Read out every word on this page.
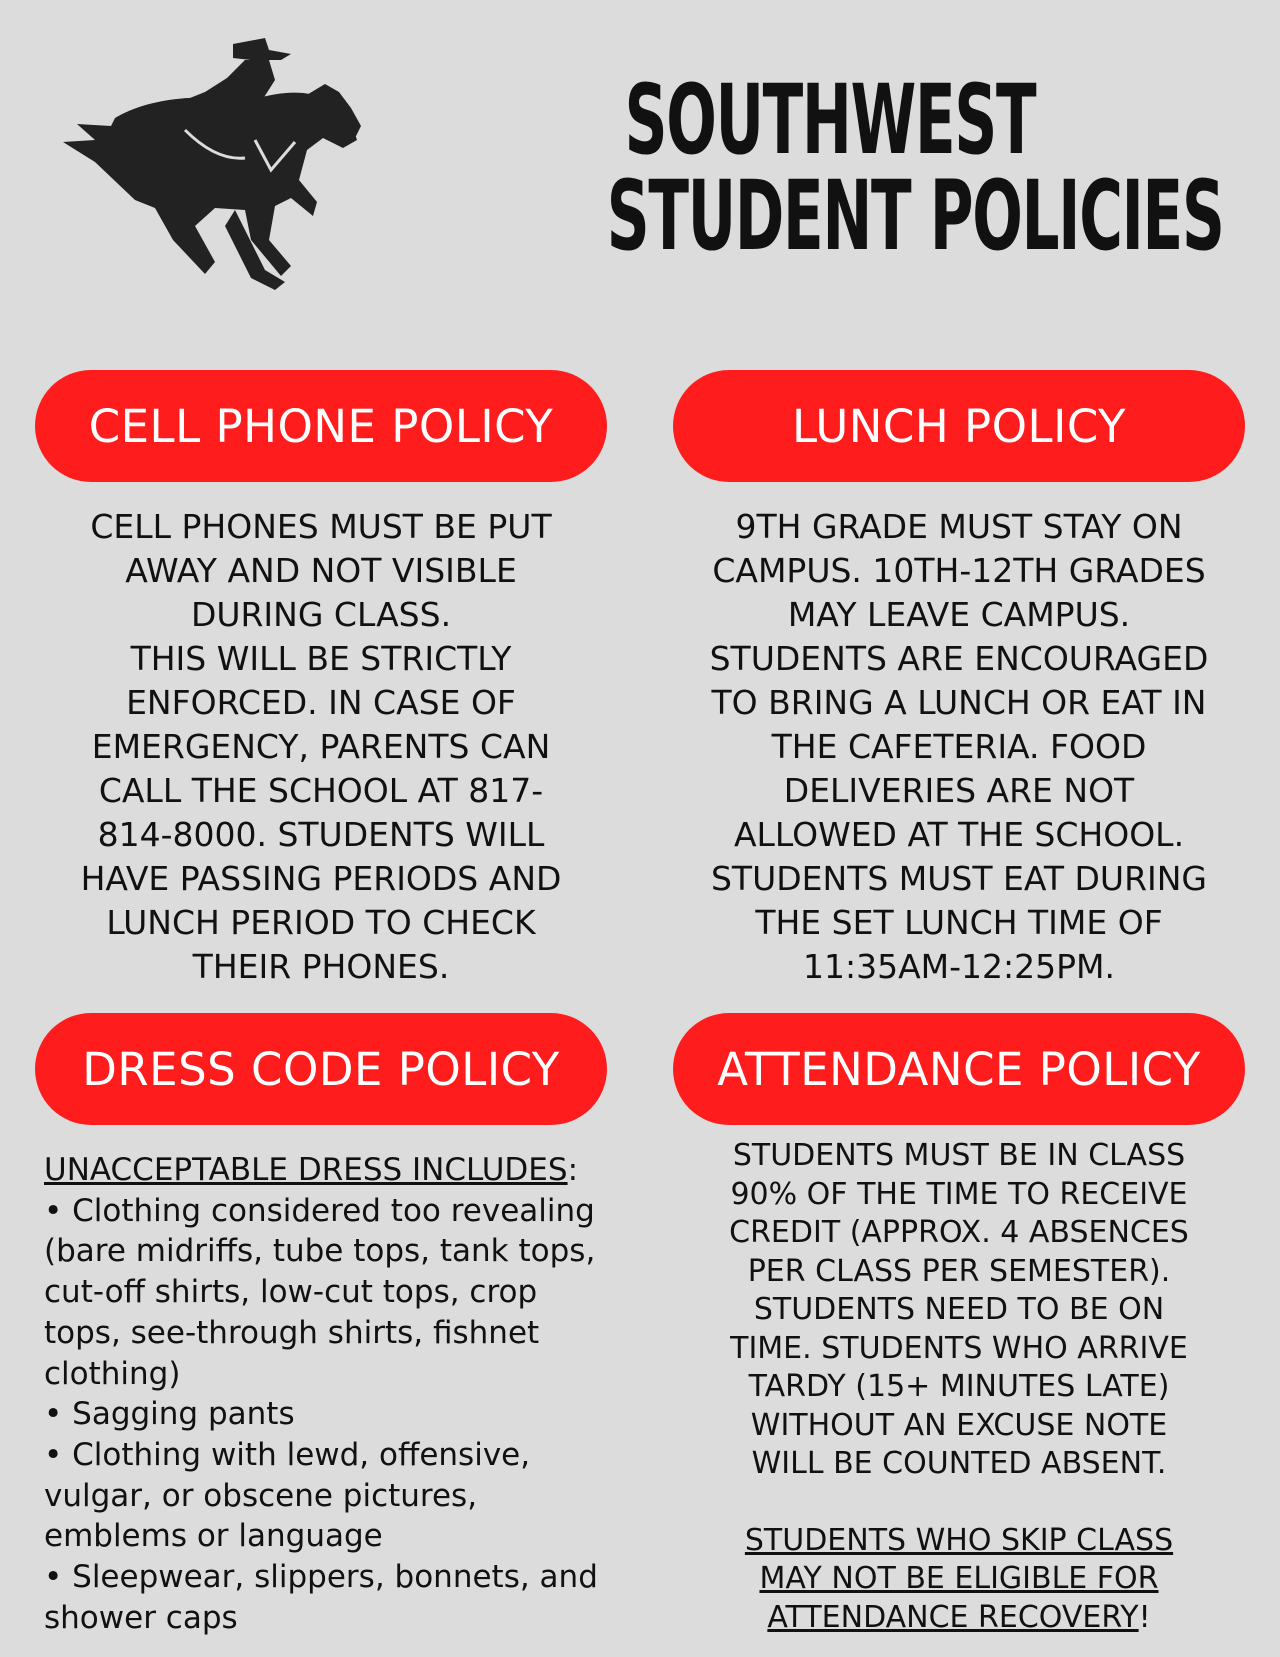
SOUTHWEST
STUDENT POLICIES
CELL PHONE POLICY	LUNCH POLICY
DRESS CODE POLICY	ATTENDANCE POLICY
CELL PHONES MUST BE PUT
AWAY AND NOT VISIBLE
DURING CLASS.
THIS WILL BE STRICTLY
ENFORCED. IN CASE OF
EMERGENCY, PARENTS CAN
CALL THE SCHOOL AT 817-
814-8000. STUDENTS WILL
HAVE PASSING PERIODS AND
LUNCH PERIOD TO CHECK
THEIR PHONES.
9TH GRADE MUST STAY ON
CAMPUS. 10TH-12TH GRADES
MAY LEAVE CAMPUS.
STUDENTS ARE ENCOURAGED
TO BRING A LUNCH OR EAT IN
THE CAFETERIA. FOOD
DELIVERIES ARE NOT
ALLOWED AT THE SCHOOL.
STUDENTS MUST EAT DURING
THE SET LUNCH TIME OF
11:35AM-12:25PM.
UNACCEPTABLE DRESS INCLUDES:
• Clothing considered too revealing
(bare midriffs, tube tops, tank tops,
cut-off shirts, low-cut tops, crop
tops, see-through shirts, fishnet
clothing)
• Sagging pants
• Clothing with lewd, offensive,
vulgar, or obscene pictures,
emblems or language
• Sleepwear, slippers, bonnets, and
shower caps
STUDENTS MUST BE IN CLASS
90% OF THE TIME TO RECEIVE
CREDIT (APPROX. 4 ABSENCES
PER CLASS PER SEMESTER).
STUDENTS NEED TO BE ON
TIME. STUDENTS WHO ARRIVE
TARDY (15+ MINUTES LATE)
WITHOUT AN EXCUSE NOTE
WILL BE COUNTED ABSENT.
STUDENTS WHO SKIP CLASS
MAY NOT BE ELIGIBLE FOR
ATTENDANCE RECOVERY!
